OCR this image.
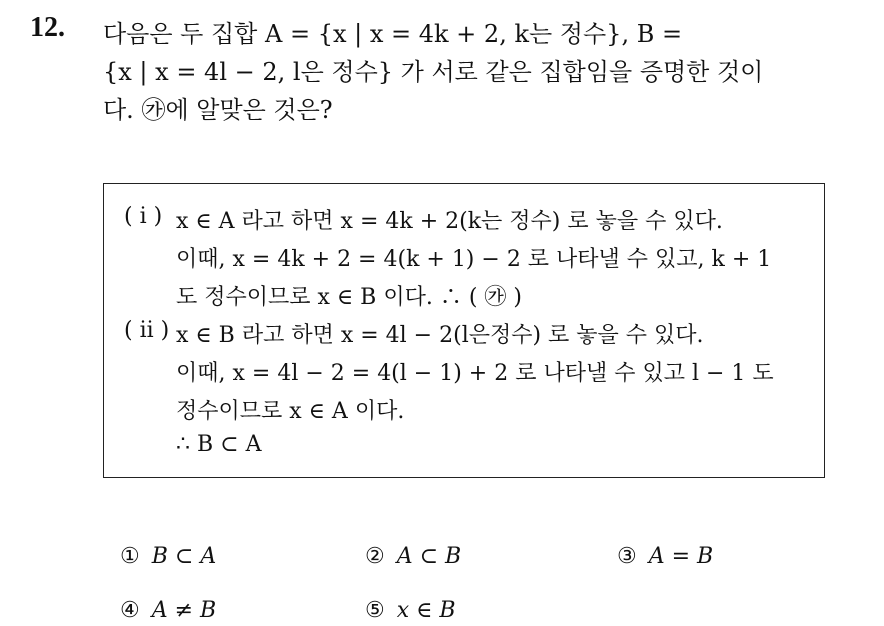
12. 다음은 두 집합 A = {x | x = 4k + 2, k는 정수}, B =
{x | x = 4l − 2, l은 정수} 가 서로 같은 집합임을 증명한 것이
다. ㉮에 알맞은 것은?
( i ) x ∈ A 라고 하면 x = 4k + 2(k는 정수) 로 놓을 수 있다.
이때, x = 4k + 2 = 4(k + 1) − 2 로 나타낼 수 있고, k + 1
도 정수이므로 x ∈ B 이다. ∴ ( ㉮ )
( ii ) x ∈ B 라고 하면 x = 4l − 2(l은정수) 로 놓을 수 있다.
이때, x = 4l − 2 = 4(l − 1) + 2 로 나타낼 수 있고 l − 1 도
정수이므로 x ∈ A 이다.
∴ B ⊂ A
① B ⊂ A	② A ⊂ B	③ A = B
④ A ≠ B	⑤ x ∈ B
